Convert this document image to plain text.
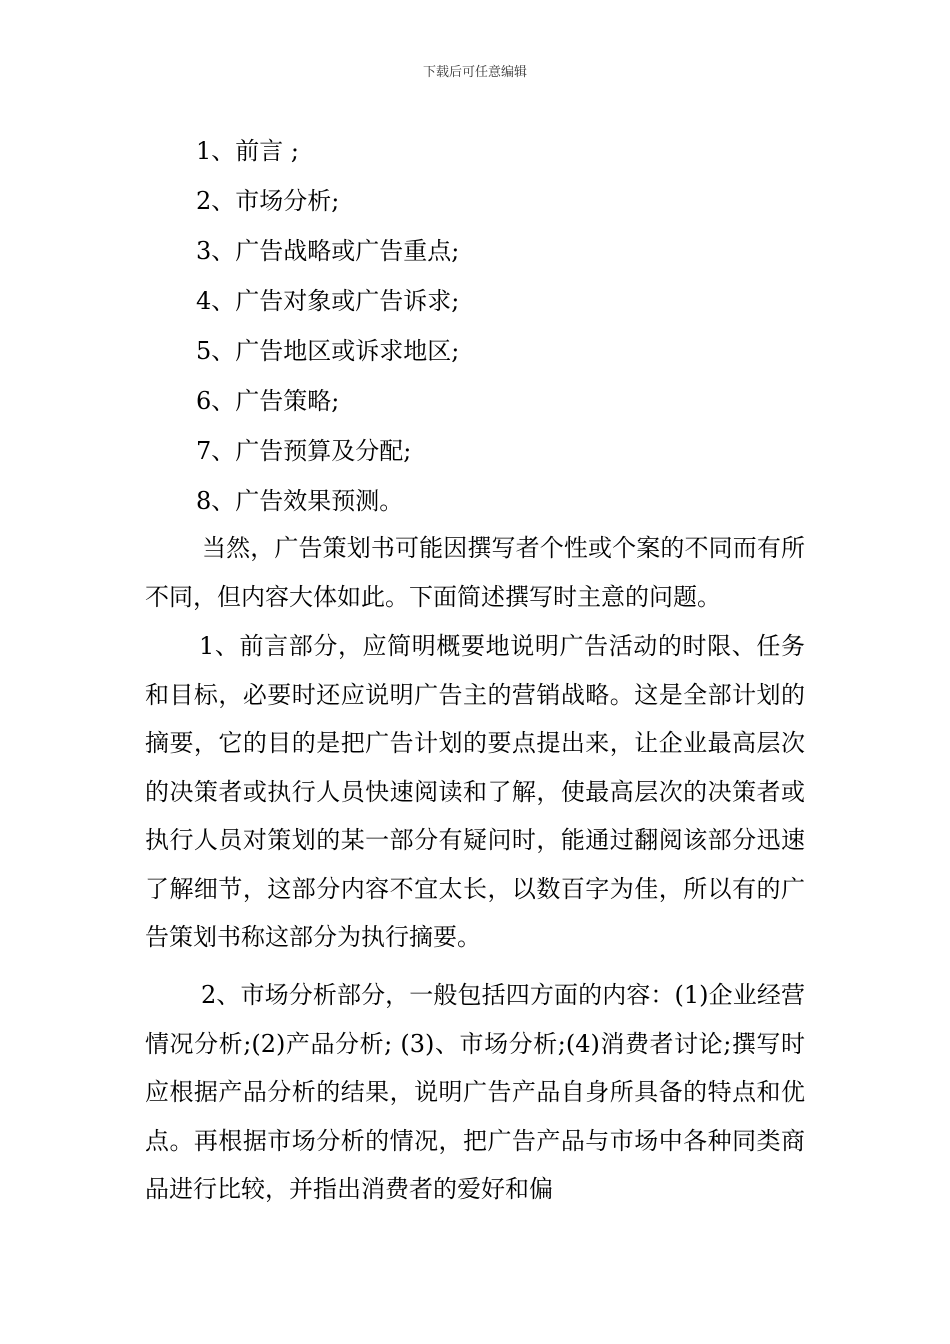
下载后可任意编辑
1、前言 ;
2、市场分析;
3、广告战略或广告重点;
4、广告对象或广告诉求;
5、广告地区或诉求地区;
6、广告策略;
7、广告预算及分配;
8、广告效果预测。

当然，广告策划书可能因撰写者个性或个案的不同而有所不同，但内容大体如此。下面简述撰写时主意的问题。

1、前言部分，应简明概要地说明广告活动的时限、任务和目标，必要时还应说明广告主的营销战略。这是全部计划的摘要，它的目的是把广告计划的要点提出来，让企业最高层次的决策者或执行人员快速阅读和了解，使最高层次的决策者或执行人员对策划的某一部分有疑问时，能通过翻阅该部分迅速了解细节，这部分内容不宜太长，以数百字为佳，所以有的广告策划书称这部分为执行摘要。

2、市场分析部分，一般包括四方面的内容：(1)企业经营情况分析;(2)产品分析; (3)、市场分析;(4)消费者讨论;撰写时应根据产品分析的结果，说明广告产品自身所具备的特点和优点。再根据市场分析的情况，把广告产品与市场中各种同类商品进行比较，并指出消费者的爱好和偏
